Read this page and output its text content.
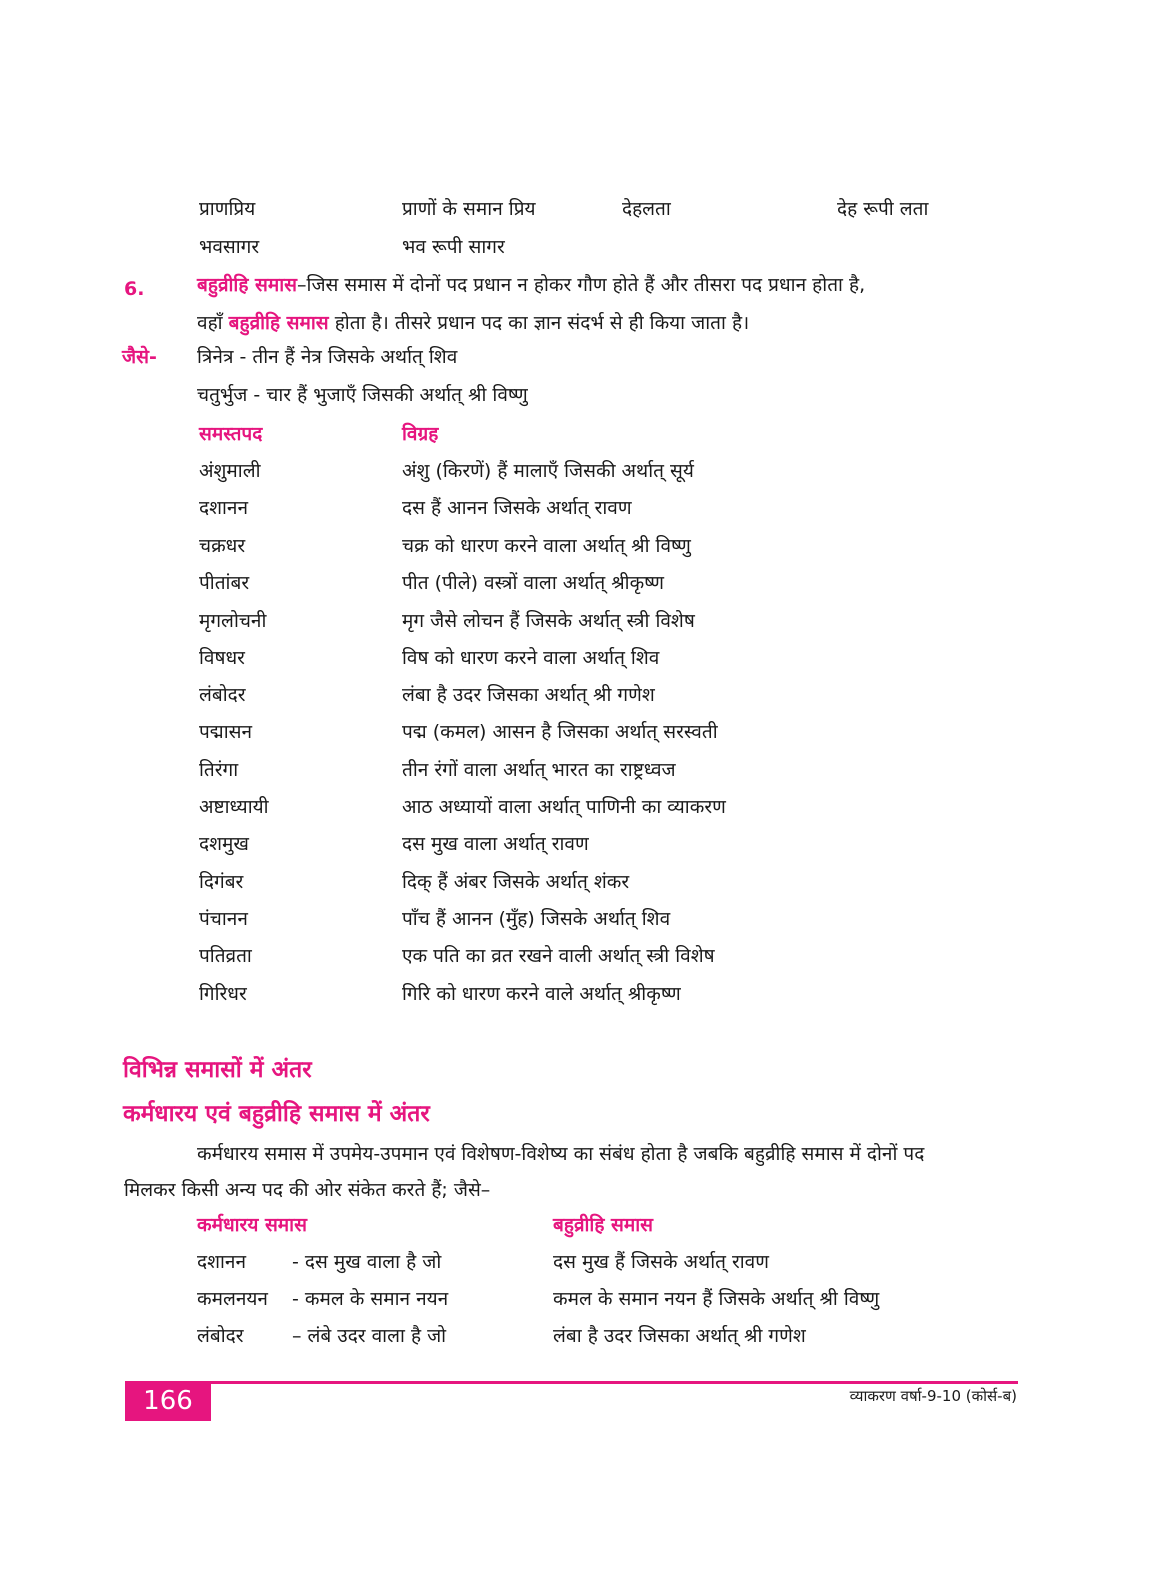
प्राणप्रिय	प्राणों के समान प्रिय	देहलता	देह रूपी लता
भवसागर	भव रूपी सागर
6.	बहुव्रीहि समास–जिस समास में दोनों पद प्रधान न होकर गौण होते हैं और तीसरा पद प्रधान होता है,
वहाँ बहुव्रीहि समास होता है। तीसरे प्रधान पद का ज्ञान संदर्भ से ही किया जाता है।
जैसे- त्रिनेत्र - तीन हैं नेत्र जिसके अर्थात् शिव
चतुर्भुज - चार हैं भुजाएँ जिसकी अर्थात् श्री विष्णु
समस्तपद	विग्रह
अंशुमाली	अंशु (किरणें) हैं मालाएँ जिसकी अर्थात् सूर्य
दशानन	दस हैं आनन जिसके अर्थात् रावण
चक्रधर	चक्र को धारण करने वाला अर्थात् श्री विष्णु
पीतांबर	पीत (पीले) वस्त्रों वाला अर्थात् श्रीकृष्ण
मृगलोचनी	मृग जैसे लोचन हैं जिसके अर्थात् स्त्री विशेष
विषधर	विष को धारण करने वाला अर्थात् शिव
लंबोदर	लंबा है उदर जिसका अर्थात् श्री गणेश
पद्मासन	पद्म (कमल) आसन है जिसका अर्थात् सरस्वती
तिरंगा	तीन रंगों वाला अर्थात् भारत का राष्ट्रध्वज
अष्टाध्यायी	आठ अध्यायों वाला अर्थात् पाणिनी का व्याकरण
दशमुख	दस मुख वाला अर्थात् रावण
दिगंबर	दिक् हैं अंबर जिसके अर्थात् शंकर
पंचानन	पाँच हैं आनन (मुँह) जिसके अर्थात् शिव
पतिव्रता	एक पति का व्रत रखने वाली अर्थात् स्त्री विशेष
गिरिधर	गिरि को धारण करने वाले अर्थात् श्रीकृष्ण
विभिन्न समासों में अंतर
कर्मधारय एवं बहुव्रीहि समास में अंतर
कर्मधारय समास में उपमेय-उपमान एवं विशेषण-विशेष्य का संबंध होता है जबकि बहुव्रीहि समास में दोनों पद
मिलकर किसी अन्य पद की ओर संकेत करते हैं; जैसे–
कर्मधारय समास	बहुव्रीहि समास
दशानन - दस मुख वाला है जो	दस मुख हैं जिसके अर्थात् रावण
कमलनयन - कमल के समान नयन	कमल के समान नयन हैं जिसके अर्थात् श्री विष्णु
लंबोदर	– लंबे उदर वाला है जो	लंबा है उदर जिसका अर्थात् श्री गणेश
166	व्याकरण वर्षा-9-10 (कोर्स-ब)
